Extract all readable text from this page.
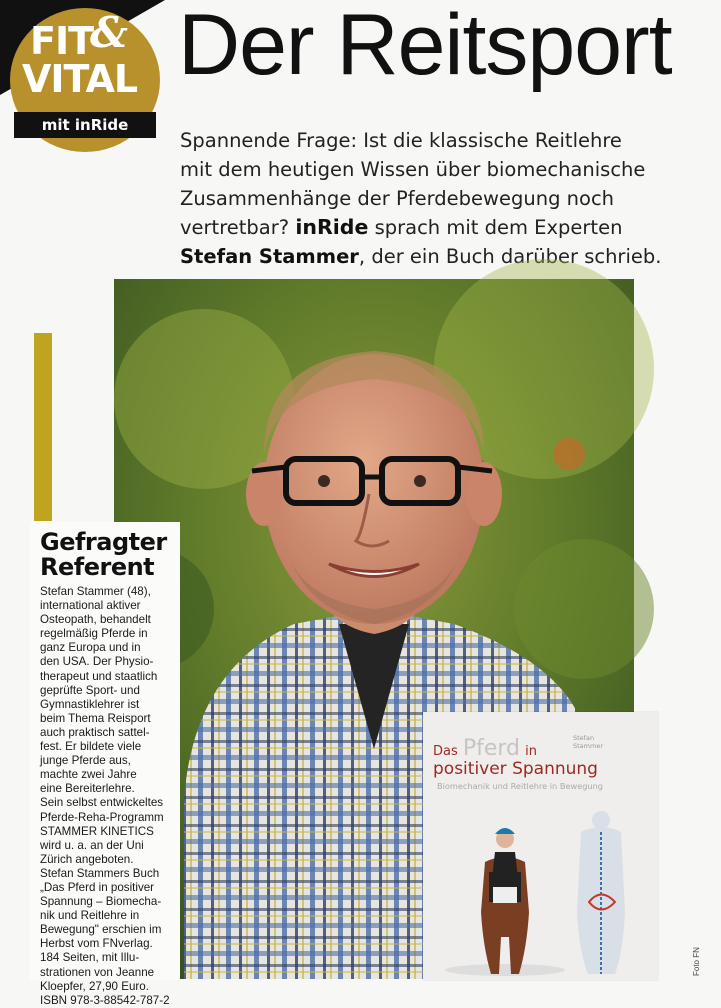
FIT
&
VITAL
mit inRide
Der Reitsport

Spannende Frage: Ist die klassische Reitlehre
mit dem heutigen Wissen über biomechanische
Zusammenhänge der Pferdebewegung noch
vertretbar? inRide sprach mit dem Experten
Stefan Stammer, der ein Buch darüber schrieb.

Gefragter
Referent
Stefan Stammer (48),
international aktiver
Osteopath, behandelt
regelmäßig Pferde in
ganz Europa und in
den USA. Der Physio-
therapeut und staatlich
geprüfte Sport- und
Gymnastiklehrer ist
beim Thema Reisport
auch praktisch sattel-
fest. Er bildete viele
junge Pferde aus,
machte zwei Jahre
eine Bereiterlehre.
Sein selbst entwickeltes
Pferde-Reha-Programm
STAMMER KINETICS
wird u. a. an der Uni
Zürich angeboten.
Stefan Stammers Buch
„Das Pferd in positiver
Spannung – Biomecha-
nik und Reitlehre in
Bewegung" erschien im
Herbst vom FNverlag.
184 Seiten, mit Illu-
strationen von Jeanne
Kloepfer, 27,90 Euro.
ISBN 978-3-88542-787-2
Stefan
Stammer
Das Pferd in
positiver Spannung
Biomechanik und Reitlehre in Bewegung
Foto FN
